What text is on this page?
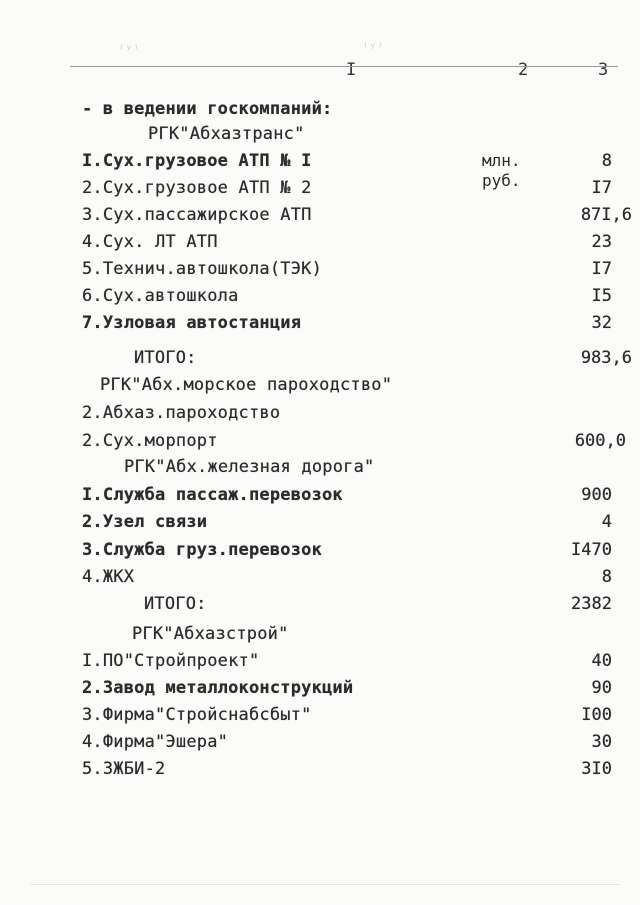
⁽ʸ⁾	⁽ʸ⁾
I	2	3
- в ведении госкомпаний:
РГК"Абхазтранс"
I.Сух.грузовое АТП № I	8
млн.
руб.
2.Сух.грузовое АТП № 2	I7
3.Сух.пассажирское АТП	87I,6
4.Сух. ЛТ АТП	23
5.Технич.автошкола(ТЭК)	I7
6.Сух.автошкола	I5
7.Узловая автостанция	32
ИТОГО:	983,6
РГК"Абх.морское пароходство"
2.Абхаз.пароходство
2.Сух.морпорт	600,0
РГК"Абх.железная дорога"
I.Служба пассаж.перевозок	900
2.Узел связи	4
3.Служба груз.перевозок	I470
4.ЖКХ	8
ИТОГО:	2382
РГК"Абхазстрой"
I.ПО"Стройпроект"	40
2.Завод металлоконструкций	90
3.Фирма"Стройснабсбыт"	I00
4.Фирма"Эшера"	30
5.ЗЖБИ-2	3I0
